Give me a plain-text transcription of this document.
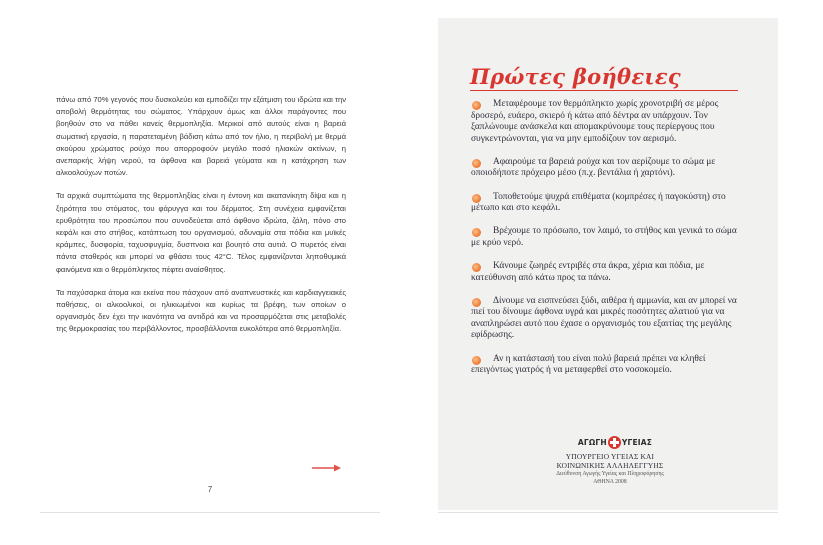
πάνω από 70% γεγονός που δυσκολεύει και εμποδίζει την εξάτμιση του ιδρώτα και την αποβολή θερμότητας του σώματος. Υπάρχουν όμως και άλλοι παράγοντες που βοηθούν στο να πάθει κανείς θερμοπληξία. Μερικοί από αυτούς είναι η βαρειά σωματική εργασία, η παρατεταμένη βάδιση κάτω από τον ήλιο, η περιβολή με θερμά σκούρου χρώματος ρούχο που απορροφούν μεγάλο ποσό ηλιακών ακτίνων, η ανεπαρκής λήψη νερού, τα άφθονα και βαρειά γεύματα και η κατάχρηση των αλκοολούχων ποτών.

Τα αρχικά συμπτώματα της θερμοπληξίας είναι η έντονη και ακατανίκητη δίψα και η ξηρότητα του στόματος, του φάρυγγα και του δέρματος. Στη συνέχεια εμφανίζεται ερυθρότητα του προσώπου που συνοδεύεται από άφθονο ιδρώτα, ζάλη, πόνο στο κεφάλι και στο στήθος, κατάπτωση του οργανισμού, αδυναμία στα πόδια και μυϊκές κράμπες, δυσφορία, ταχυσφυγμία, δυσπνοια και βουητό στα αυτιά. Ο πυρετός είναι πάντα σταθερός και μπορεί να φθάσει τους 42°C. Τέλος εμφανίζονται ληπoθυμικά φαινόμενα και ο θερμόπληκτος πέφτει αναίσθητος.

Τα παχύσαρκα άτομα και εκείνα που πάσχουν από αναπνευστικές και καρδιαγγειακές παθήσεις, οι αλκοολικοί, οι ηλικιωμένοι και κυρίως τα βρέφη, των οποίων ο οργανισμός δεν έχει την ικανότητα να αντιδρά και να προσαρμόζεται στις μεταβολές της θερμοκρασίας του περιβάλλοντος, προσβάλλονται ευκολότερα από θερμοπληξία.

7
Πρώτες βοήθειες
Μεταφέρουμε τον θερμόπληκτο χωρίς χρονοτριβή σε μέρος δροσερό, ευάερο, σκιερό ή κάτω από δέντρα αν υπάρχουν. Τον ξαπλώνουμε ανάσκελα και απομακρύνουμε τους περίεργους που συγκεντρώνονται, για να μην εμποδίζουν τον αερισμό.
Αφαιρούμε τα βαρειά ρούχα και τον αερίζουμε το σώμα με οποιοδήποτε πρόχειρο μέσο (π.χ. βεντάλια ή χαρτόνι).
Τοποθετούμε ψυχρά επιθέματα (κομπρέσες ή παγοκύστη) στο μέτωπο και στο κεφάλι.
Βρέχουμε το πρόσωπο, τον λαιμό, το στήθος και γενικά το σώμα με κρύο νερό.
Κάνουμε ζωηρές εντριβές στα άκρα, χέρια και πόδια, με κατεύθυνση από κάτω προς τα πάνω.
Δίνουμε να εισπνεύσει ξύδι, αιθέρα ή αμμωνία, και αν μπορεί να πιεί του δίνουμε άφθονα υγρά και μικρές ποσότητες αλατιού για να αναπληρώσει αυτό που έχασε ο οργανισμός του εξαιτίας της μεγάλης εφίδρωσης.
Αν η κατάστασή του είναι πολύ βαρειά πρέπει να κληθεί επειγόντως γιατρός ή να μεταφερθεί στο νοσοκομείο.
ΑΓΩΓΗ ΥΓΕΙΑΣ
ΥΠΟΥΡΓΕΙΟ ΥΓΕΙΑΣ ΚΑΙ
ΚΟΙΝΩΝΙΚΗΣ ΑΛΛΗΛΕΓΓΥΗΣ
Διεύθυνση Αγωγής Υγείας και Πληροφόρησης
ΑΘΗΝΑ 2008
